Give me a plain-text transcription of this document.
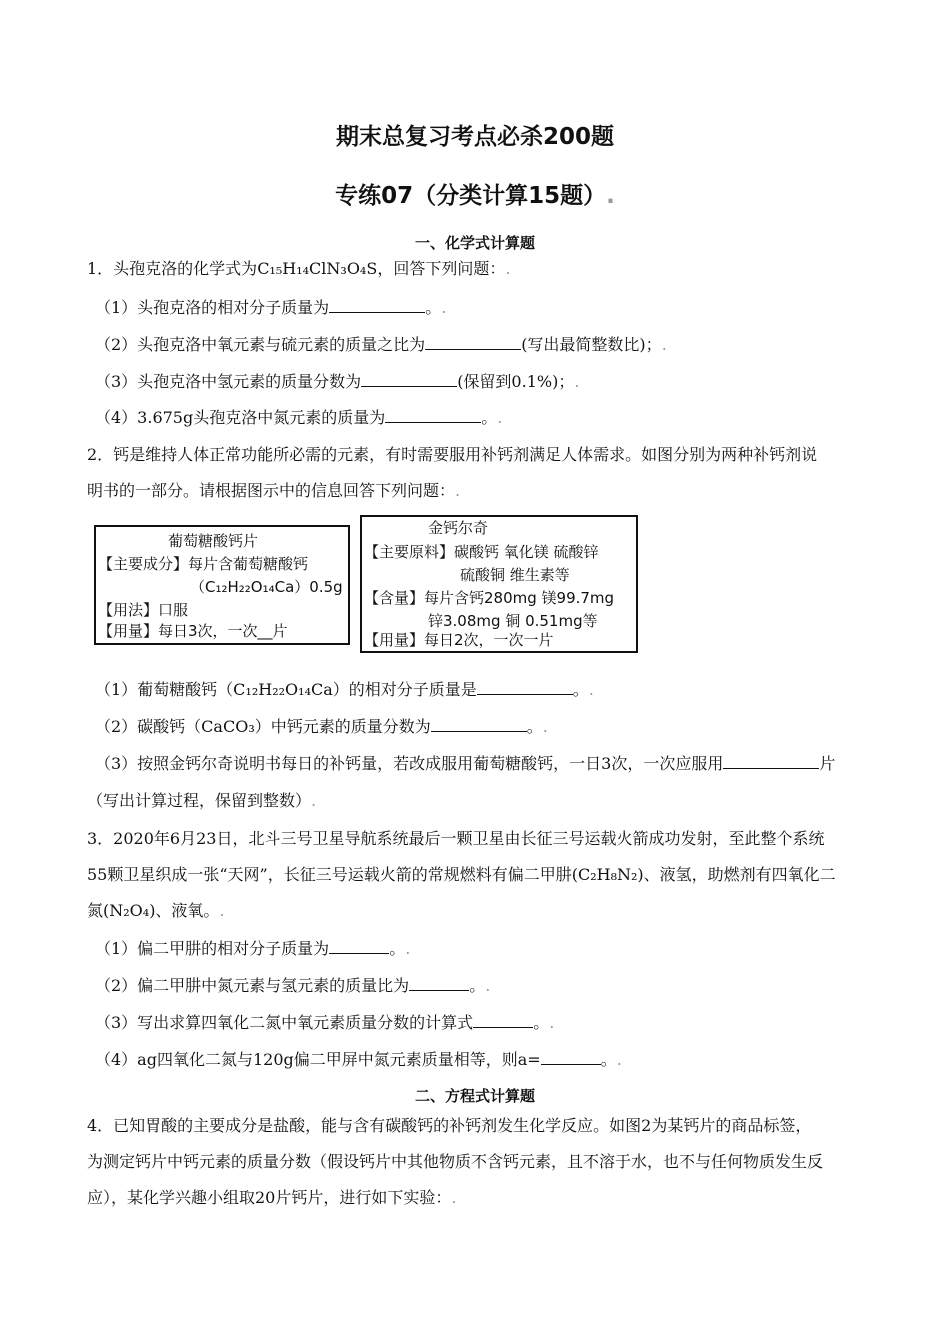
期末总复习考点必杀200题
专练07（分类计算15题）.
一、化学式计算题
1．头孢克洛的化学式为C₁₅H₁₄ClN₃O₄S，回答下列问题：.
（1）头孢克洛的相对分子质量为	。.
（2）头孢克洛中氧元素与硫元素的质量之比为	(写出最简整数比)；.
（3）头孢克洛中氢元素的质量分数为	(保留到0.1%)；.
（4）3.675g头孢克洛中氮元素的质量为	。.
2．钙是维持人体正常功能所必需的元素，有时需要服用补钙剂满足人体需求。如图分别为两种补钙剂说
明书的一部分。请根据图示中的信息回答下列问题：.
葡萄糖酸钙片
【主要成分】每片含葡萄糖酸钙
（C₁₂H₂₂O₁₄Ca）0.5g
【用法】口服
【用量】每日3次，一次__片
金钙尔奇
【主要原料】碳酸钙 氧化镁 硫酸锌
硫酸铜 维生素等
【含量】每片含钙280mg 镁99.7mg
锌3.08mg 铜 0.51mg等
【用量】每日2次，一次一片
（1）葡萄糖酸钙（C₁₂H₂₂O₁₄Ca）的相对分子质量是	。.
（2）碳酸钙（CaCO₃）中钙元素的质量分数为	。.
（3）按照金钙尔奇说明书每日的补钙量，若改成服用葡萄糖酸钙，一日3次，一次应服用	片
（写出计算过程，保留到整数）.
3．2020年6月23日，北斗三号卫星导航系统最后一颗卫星由长征三号运载火箭成功发射，至此整个系统
55颗卫星织成一张“天网”，长征三号运载火箭的常规燃料有偏二甲肼(C₂H₈N₂)、液氢，助燃剂有四氧化二
氮(N₂O₄)、液氧。.
（1）偏二甲肼的相对分子质量为	。.
（2）偏二甲肼中氮元素与氢元素的质量比为	。.
（3）写出求算四氧化二氮中氧元素质量分数的计算式	。.
（4）ag四氧化二氮与120g偏二甲屏中氮元素质量相等，则a=	。.
二、方程式计算题
4．已知胃酸的主要成分是盐酸，能与含有碳酸钙的补钙剂发生化学反应。如图2为某钙片的商品标签，
为测定钙片中钙元素的质量分数（假设钙片中其他物质不含钙元素，且不溶于水，也不与任何物质发生反
应），某化学兴趣小组取20片钙片，进行如下实验：.
